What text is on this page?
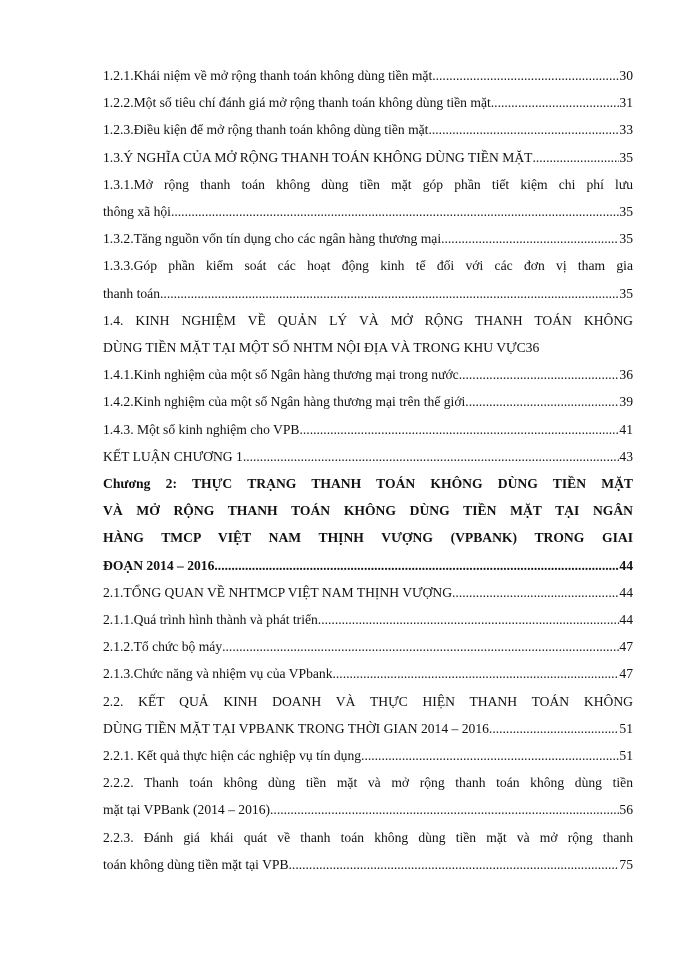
1.2.1.Khái niệm về mở rộng thanh toán không dùng tiền mặt .....	30
1.2.2.Một số tiêu chí đánh giá mở rộng thanh toán không dùng tiền mặt .....	31
1.2.3.Điều kiện để mở rộng thanh toán không dùng tiền mặt .....	33
1.3.Ý NGHĨA CỦA MỞ RỘNG THANH TOÁN KHÔNG DÙNG TIỀN MẶT .....	35
1.3.1.Mở rộng thanh toán không dùng tiền mặt góp phần tiết kiệm chi phí lưu
thông xã hội .....	35
1.3.2.Tăng nguồn vốn tín dụng cho các ngân hàng thương mại .....	35
1.3.3.Góp phần kiểm soát các hoạt động kinh tế đối với các đơn vị tham gia
thanh toán .....	35
1.4. KINH NGHIỆM VỀ QUẢN LÝ VÀ MỞ RỘNG THANH TOÁN KHÔNG
DÙNG TIỀN MẶT TẠI MỘT SỐ NHTM NỘI ĐỊA VÀ TRONG KHU VỰC 36
1.4.1.Kinh nghiệm của một số Ngân hàng thương mại trong nước .....	36
1.4.2.Kinh nghiệm của một số Ngân hàng thương mại trên thế giới .....	39
1.4.3. Một số kinh nghiệm cho VPB .....	41
KẾT LUẬN CHƯƠNG 1 .....	43
Chương 2: THỰC TRẠNG THANH TOÁN KHÔNG DÙNG TIỀN MẶT
VÀ MỞ RỘNG THANH TOÁN KHÔNG DÙNG TIỀN MẶT TẠI NGÂN
HÀNG TMCP VIỆT NAM THỊNH VƯỢNG (VPBANK) TRONG GIAI
ĐOẠN 2014 – 2016 .....	44
2.1.TỔNG QUAN VỀ NHTMCP VIỆT NAM THỊNH VƯỢNG .....	44
2.1.1.Quá trình hình thành và phát triển. .....	44
2.1.2.Tổ chức bộ máy .....	47
2.1.3.Chức năng và nhiệm vụ của VPbank .....	47
2.2. KẾT QUẢ KINH DOANH VÀ THỰC HIỆN THANH TOÁN KHÔNG
DÙNG TIỀN MẶT TẠI VPBANK TRONG THỜI GIAN 2014 – 2016 .....	51
2.2.1. Kết quả thực hiện các nghiệp vụ tín dụng .....	51
2.2.2. Thanh toán không dùng tiền mặt và mở rộng thanh toán không dùng tiền
mặt tại VPBank (2014 – 2016) .....	56
2.2.3. Đánh giá khái quát về thanh toán không dùng tiền mặt và mở rộng thanh
toán không dùng tiền mặt tại VPB .....	75
